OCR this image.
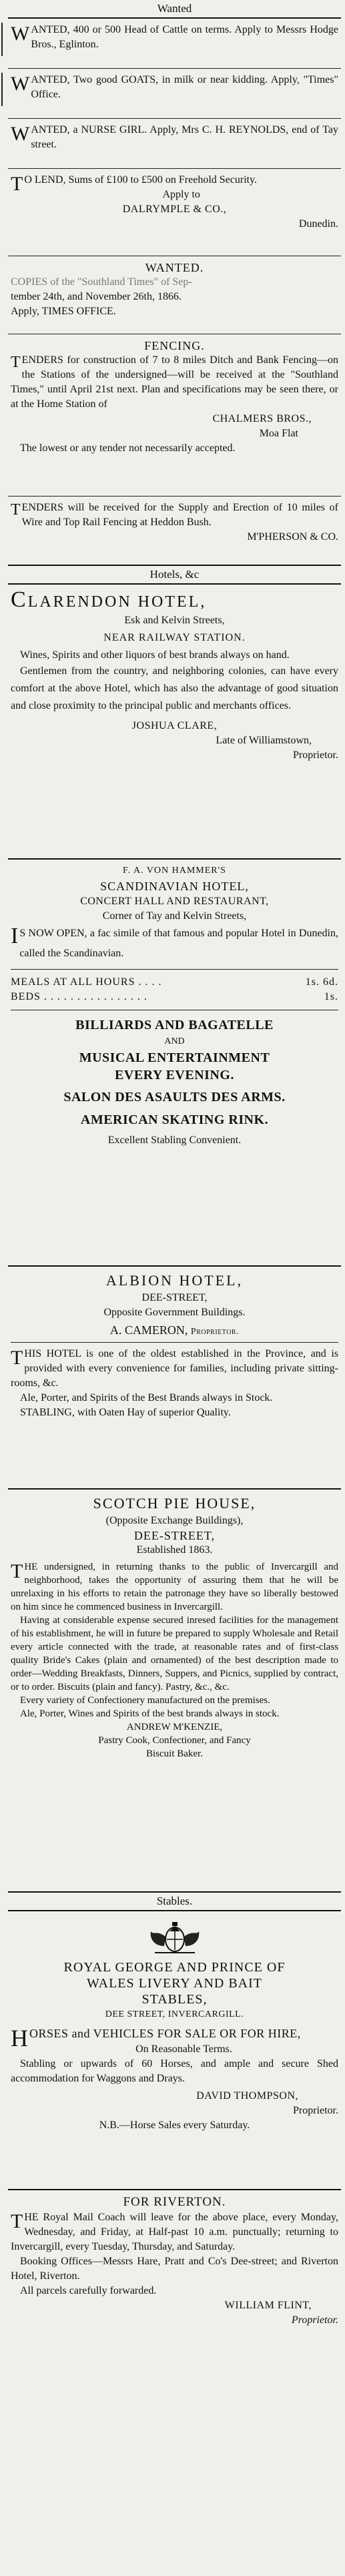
Wanted
W ANTED, 400 or 500 Head of Cattle on terms. Apply to Messrs Hodge Bros., Eglinton.

W ANTED, Two good GOATS, in milk or near kidding. Apply, "Times" Office.

W ANTED, a NURSE GIRL. Apply, Mrs C. H. REYNOLDS, end of Tay street.

T O LEND, Sums of £100 to £500 on Freehold Security.

Apply to

DALRYMPLE & CO.,

Dunedin.

WANTED.

COPIES of the "Southland Times" of Sep-

tember 24th, and November 26th, 1866.

Apply, TIMES OFFICE.

FENCING.

T ENDERS for construction of 7 to 8 miles Ditch and Bank Fencing—on the Stations of the undersigned—will be received at the "Southland Times," until April 21st next. Plan and specifications may be seen there, or at the Home Station of

CHALMERS BROS.,

Moa Flat

The lowest or any tender not necessarily accepted.

T ENDERS will be received for the Supply and Erection of 10 miles of Wire and Top Rail Fencing at Heddon Bush.

M'PHERSON & CO.

Hotels, &c

CLARENDON HOTEL,

Esk and Kelvin Streets,

NEAR RAILWAY STATION.

Wines, Spirits and other liquors of best brands always on hand.

Gentlemen from the country, and neighboring colonies, can have every comfort at the above Hotel, which has also the advantage of good situation and close proximity to the principal public and merchants offices.

JOSHUA CLARE,

Late of Williamstown,

Proprietor.

F. A. VON HAMMER'S

SCANDINAVIAN HOTEL,

CONCERT HALL AND RESTAURANT,

Corner of Tay and Kelvin Streets,

I S NOW OPEN, a fac simile of that famous and popular Hotel in Dunedin, called the Scandinavian.

MEALS AT ALL HOURS . . . .	1s. 6d.
BEDS . . . . . . . . . . . . . . . .	1s.

BILLIARDS AND BAGATELLE

AND

MUSICAL ENTERTAINMENT

EVERY EVENING.

SALON DES ASAULTS DES ARMS.

AMERICAN SKATING RINK.

Excellent Stabling Convenient.

ALBION HOTEL,

DEE-STREET,

Opposite Government Buildings.

A. CAMERON, Proprietor.

T HIS HOTEL is one of the oldest established in the Province, and is provided with every convenience for families, including private sitting-rooms, &c.

Ale, Porter, and Spirits of the Best Brands always in Stock.

STABLING, with Oaten Hay of superior Quality.

SCOTCH PIE HOUSE,

(Opposite Exchange Buildings),

DEE-STREET,

Established 1863.

T HE undersigned, in returning thanks to the public of Invercargill and neighborhood, takes the opportunity of assuring them that he will be unrelaxing in his efforts to retain the patronage they have so liberally bestowed on him since he commenced business in Invercargill.

Having at considerable expense secured inresed facilities for the management of his establishment, he will in future be prepared to supply Wholesale and Retail every article connected with the trade, at reasonable rates and of first-class quality Bride's Cakes (plain and ornamented) of the best description made to order—Wedding Breakfasts, Dinners, Suppers, and Picnics, supplied by contract, or to order. Biscuits (plain and fancy). Pastry, &c., &c.

Every variety of Confectionery manufactured on the premises.

Ale, Porter, Wines and Spirits of the best brands always in stock.

ANDREW M'KENZIE,

Pastry Cook, Confectioner, and Fancy

Biscuit Baker.

Stables.

ROYAL GEORGE AND PRINCE OF

WALES LIVERY AND BAIT

STABLES,

DEE STREET, INVERCARGILL.

H ORSES and VEHICLES FOR SALE OR FOR HIRE,

On Reasonable Terms.

Stabling or upwards of 60 Horses, and ample and secure Shed accommodation for Waggons and Drays.

DAVID THOMPSON,

Proprietor.

N.B.—Horse Sales every Saturday.

FOR RIVERTON.

T HE Royal Mail Coach will leave for the above place, every Monday, Wednesday, and Friday, at Half-past 10 a.m. punctually; returning to Invercargill, every Tuesday, Thursday, and Saturday.

Booking Offices—Messrs Hare, Pratt and Co's Dee-street; and Riverton Hotel, Riverton.

All parcels carefully forwarded.

WILLIAM FLINT,

Proprietor.
